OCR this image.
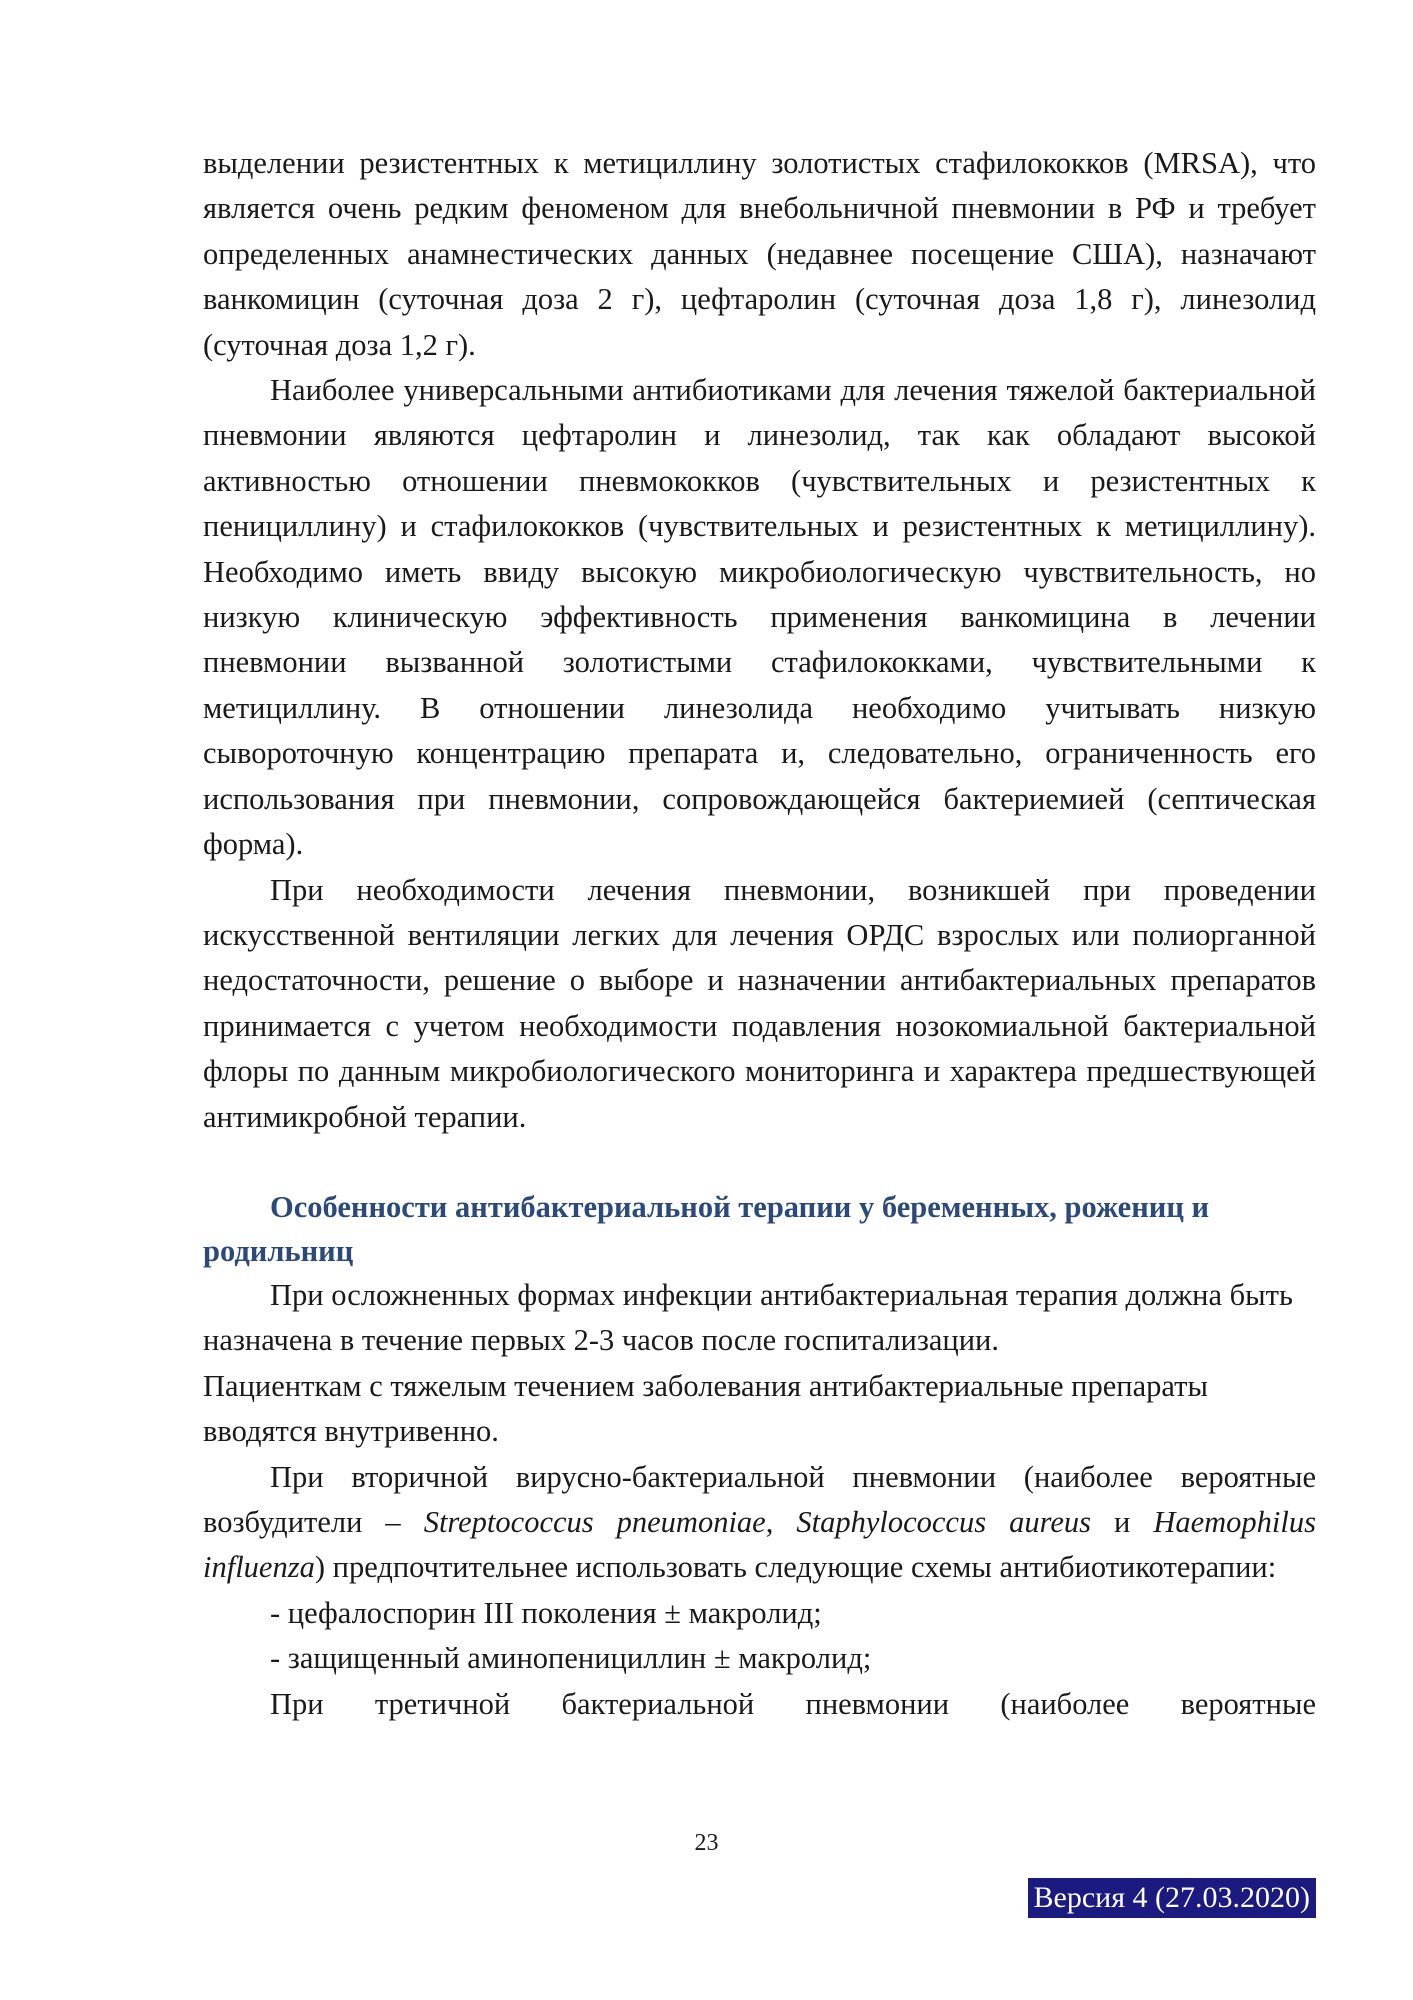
выделении резистентных к метициллину золотистых стафилококков (MRSA), что является очень редким феноменом для внебольничной пневмонии в РФ и требует определенных анамнестических данных (недавнее посещение США), назначают ванкомицин (суточная доза 2 г), цефтаролин (суточная доза 1,8 г), линезолид (суточная доза 1,2 г).

Наиболее универсальными антибиотиками для лечения тяжелой бактериальной пневмонии являются цефтаролин и линезолид, так как обладают высокой активностью отношении пневмококков (чувствительных и резистентных к пенициллину) и стафилококков (чувствительных и резистентных к метициллину). Необходимо иметь ввиду высокую микробиологическую чувствительность, но низкую клиническую эффективность применения ванкомицина в лечении пневмонии вызванной золотистыми стафилококками, чувствительными к метициллину. В отношении линезолида необходимо учитывать низкую сывороточную концентрацию препарата и, следовательно, ограниченность его использования при пневмонии, сопровождающейся бактериемией (септическая форма).

При необходимости лечения пневмонии, возникшей при проведении искусственной вентиляции легких для лечения ОРДС взрослых или полиорганной недостаточности, решение о выборе и назначении антибактериальных препаратов принимается с учетом необходимости подавления нозокомиальной бактериальной флоры по данным микробиологического мониторинга и характера предшествующей антимикробной терапии.

Особенности антибактериальной терапии у беременных, рожениц и родильниц

При осложненных формах инфекции антибактериальная терапия должна быть назначена в течение первых 2-3 часов после госпитализации.

Пациенткам с тяжелым течением заболевания антибактериальные препараты вводятся внутривенно.

При вторичной вирусно-бактериальной пневмонии (наиболее вероятные возбудители – Streptococcus pneumoniae, Staphylococcus aureus и Haemophilus influenza) предпочтительнее использовать следующие схемы антибиотикотерапии:

- цефалоспорин III поколения ± макролид;

- защищенный аминопенициллин ± макролид;

При третичной бактериальной пневмонии (наиболее вероятные

23
Версия 4 (27.03.2020)
